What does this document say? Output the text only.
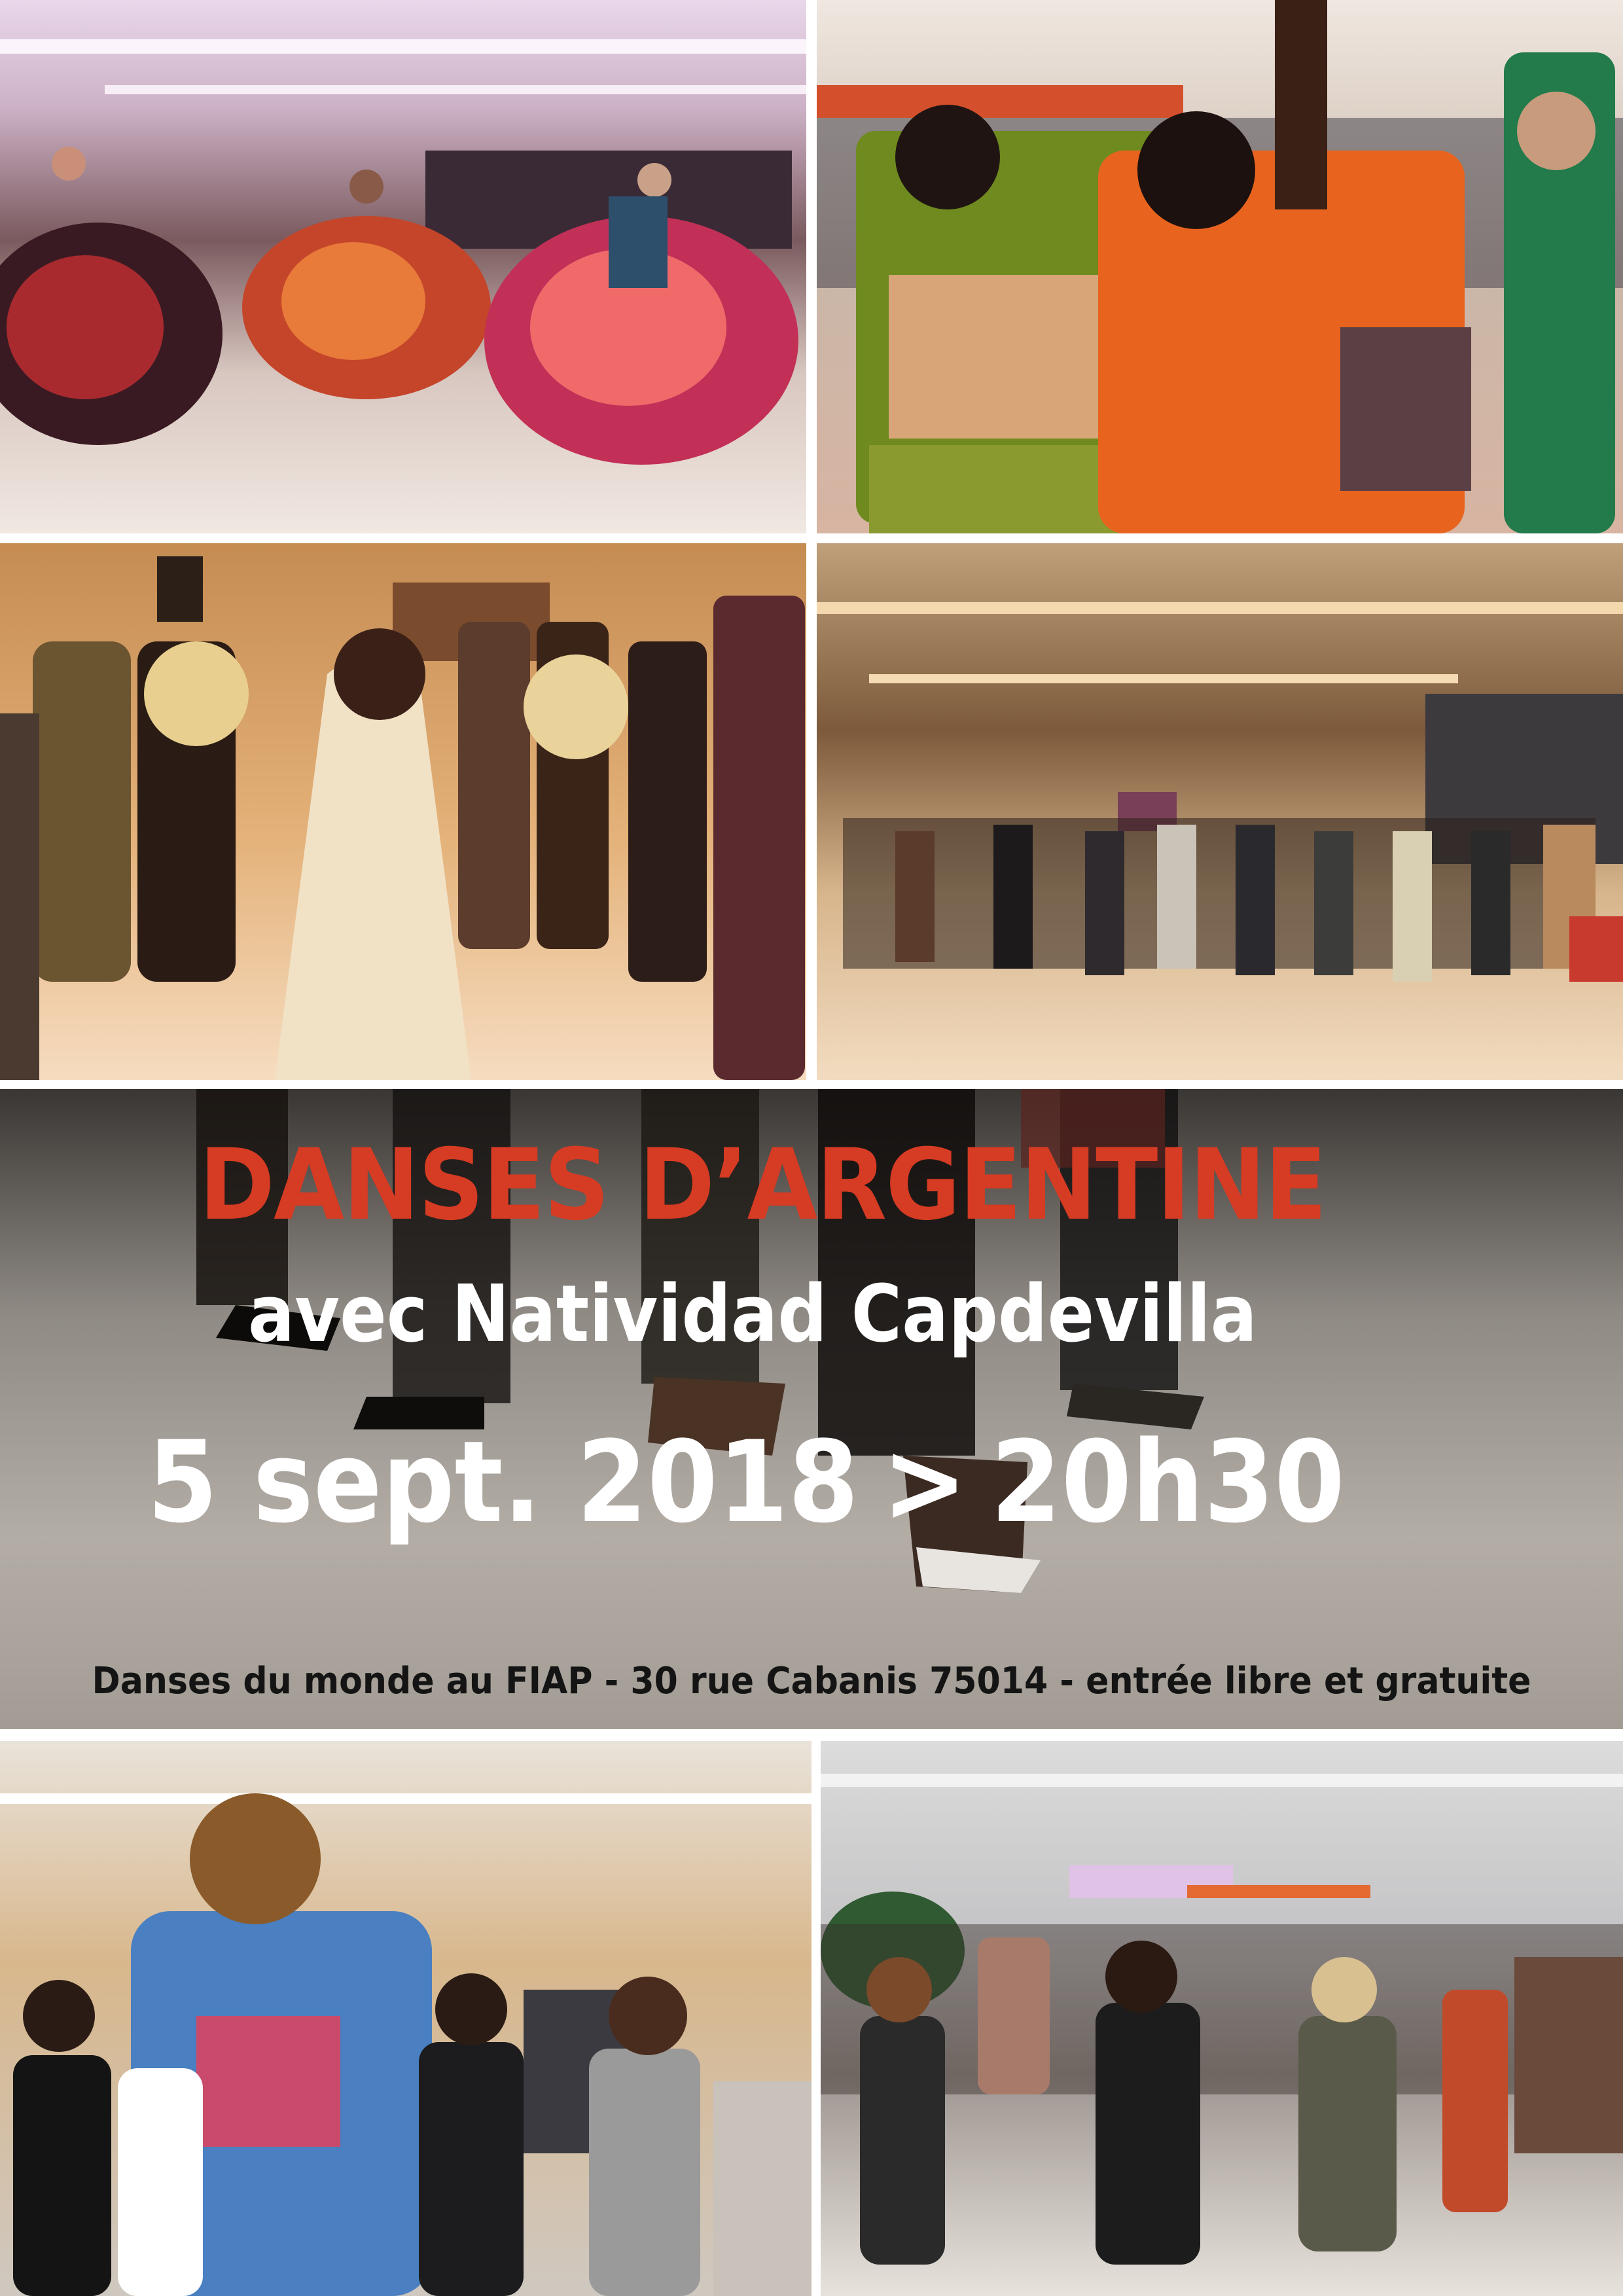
DANSES D’ARGENTINE
avec Natividad Capdevilla
5 sept. 2018 > 20h30
Danses du monde au FIAP - 30 rue Cabanis 75014 - entrée libre et gratuite
